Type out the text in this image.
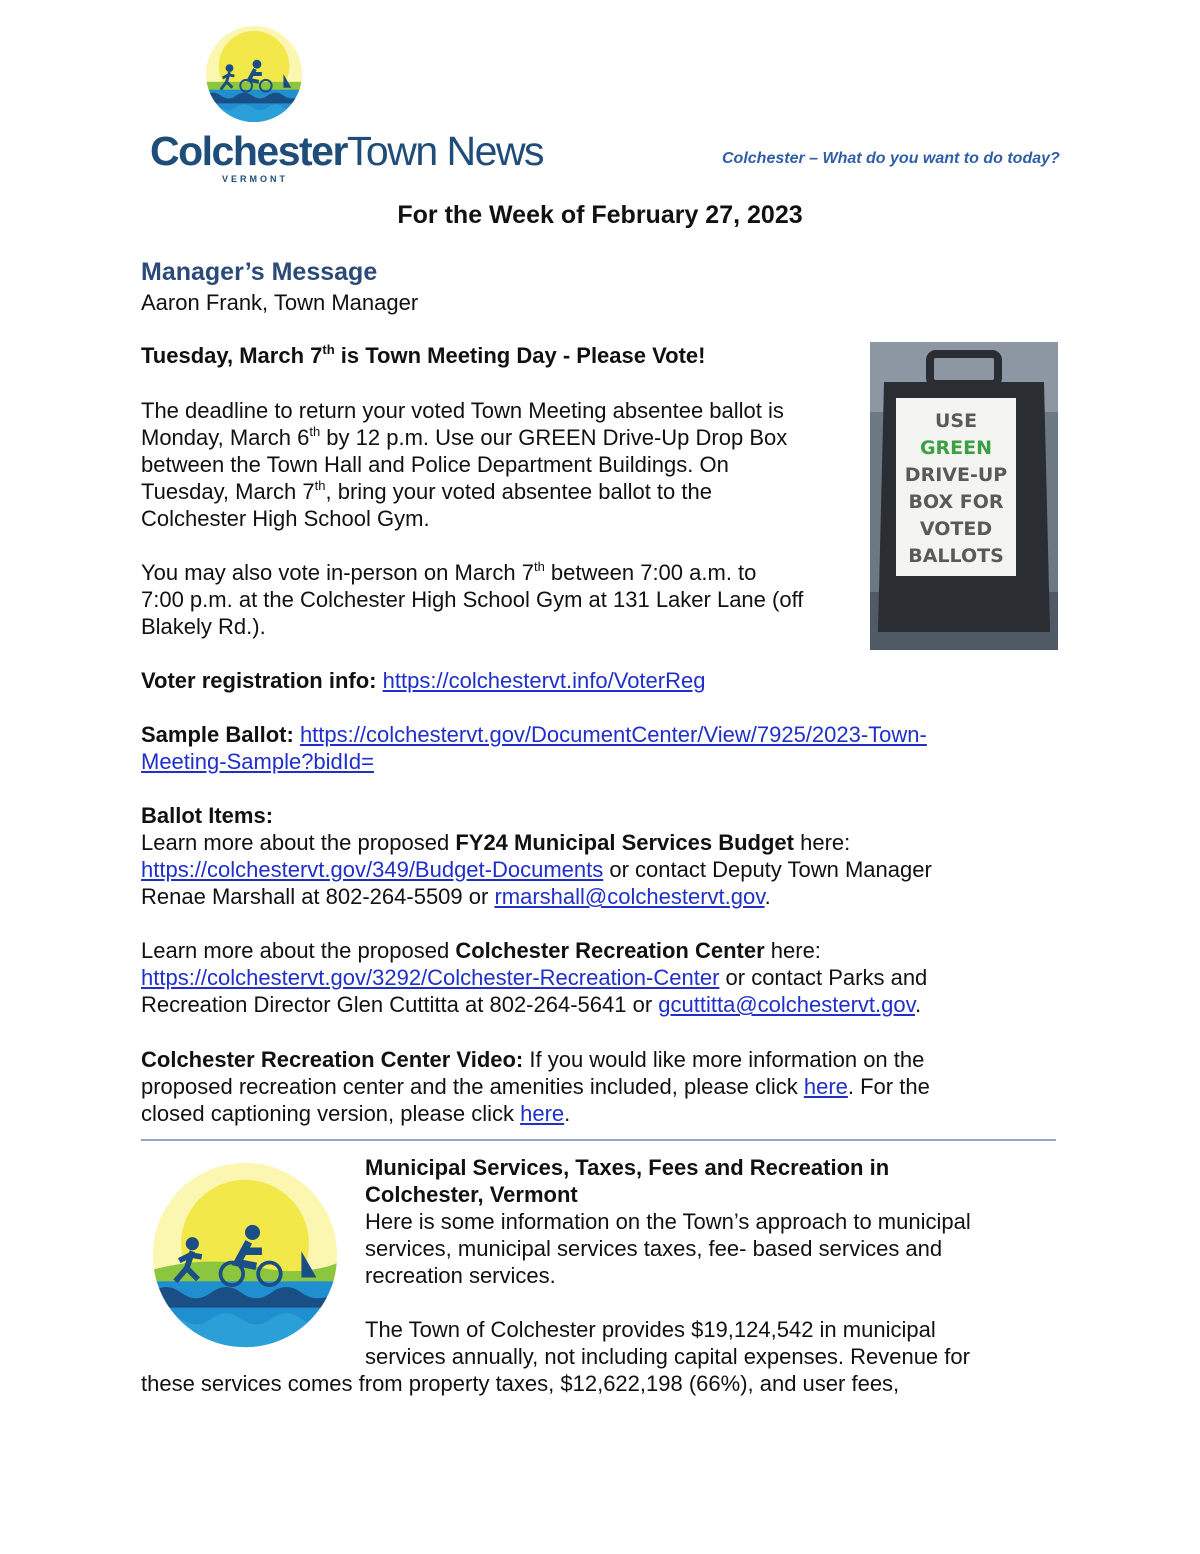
ColchesterTown News
VERMONT
Colchester – What do you want to do today?
For the Week of February 27, 2023
Manager’s Message
Aaron Frank, Town Manager

Tuesday, March 7th is Town Meeting Day - Please Vote!

The deadline to return your voted Town Meeting absentee ballot is

Monday, March 6th by 12 p.m. Use our GREEN Drive-Up Drop Box

between the Town Hall and Police Department Buildings. On

Tuesday, March 7th, bring your voted absentee ballot to the

Colchester High School Gym.

You may also vote in-person on March 7th between 7:00 a.m. to

7:00 p.m. at the Colchester High School Gym at 131 Laker Lane (off

Blakely Rd.).

USE
GREEN
DRIVE-UP
BOX FOR
VOTED
BALLOTS

Voter registration info: https://colchestervt.info/VoterReg

Sample Ballot: https://colchestervt.gov/DocumentCenter/View/7925/2023-Town-

Meeting-Sample?bidId=

Ballot Items:

Learn more about the proposed FY24 Municipal Services Budget here:

https://colchestervt.gov/349/Budget-Documents or contact Deputy Town Manager

Renae Marshall at 802-264-5509 or rmarshall@colchestervt.gov.

Learn more about the proposed Colchester Recreation Center here:

https://colchestervt.gov/3292/Colchester-Recreation-Center or contact Parks and

Recreation Director Glen Cuttitta at 802-264-5641 or gcuttitta@colchestervt.gov.

Colchester Recreation Center Video: If you would like more information on the

proposed recreation center and the amenities included, please click here. For the

closed captioning version, please click here.

Municipal Services, Taxes, Fees and Recreation in

Colchester, Vermont

Here is some information on the Town’s approach to municipal

services, municipal services taxes, fee- based services and

recreation services.

The Town of Colchester provides $19,124,542 in municipal

services annually, not including capital expenses. Revenue for

these services comes from property taxes, $12,622,198 (66%), and user fees,
